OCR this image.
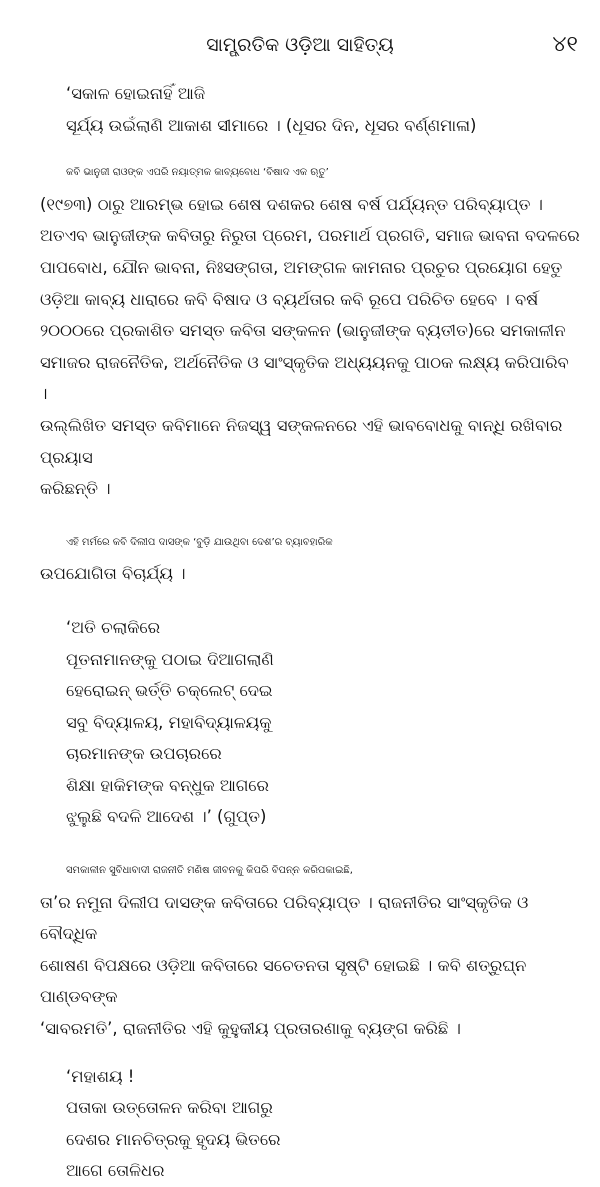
ସାମ୍ପ୍ରତିକ ଓଡ଼ିଆ ସାହିତ୍ୟ	୪୧
‘ସକାଳ ହୋଇନାହିଁ ଆଜି
ସୂର୍ଯ୍ୟ ଉଇଁଲାଣି ଆକାଶ ସୀମାରେ । (ଧୂସର ଦିନ, ଧୂସର ବର୍ଣ୍ଣମାଳା)
କବି ଭାନୁଜୀ ରାଓଙ୍କ ଏପରି ନୟାତ୍ମକ କାବ୍ୟବୋଧ ‘ବିଷାଦ ଏକ ଋତୁ’
(୧୯୭୩) ଠାରୁ ଆରମ୍ଭ ହୋଇ ଶେଷ ଦଶକର ଶେଷ ବର୍ଷ ପର୍ଯ୍ୟନ୍ତ ପରିବ୍ୟାପ୍ତ ।
ଅତଏବ ଭାନୁଜୀଙ୍କ କବିତାରୁ ନିରୁତା ପ୍ରେମ, ପରମାର୍ଥ ପ୍ରଗତି, ସମାଜ ଭାବନା ବଦଳରେ
ପାପବୋଧ, ଯୌନ ଭାବନା, ନିଃସଙ୍ଗତା, ଅମଙ୍ଗଳ କାମନାର ପ୍ରଚୁର ପ୍ରୟୋଗ ହେତୁ
ଓଡ଼ିଆ କାବ୍ୟ ଧାରାରେ କବି ବିଷାଦ ଓ ବ୍ୟର୍ଥତାର କବି ରୂପେ ପରିଚିତ ହେବେ । ବର୍ଷ
୨୦୦୦ରେ ପ୍ରକାଶିତ ସମସ୍ତ କବିତା ସଙ୍କଳନ (ଭାନୁଜୀଙ୍କ ବ୍ୟତୀତ)ରେ ସମକାଳୀନ
ସମାଜର ରାଜନୈତିକ, ଅର୍ଥନୈତିକ ଓ ସାଂସ୍କୃତିକ ଅଧ୍ୟୟନକୁ ପାଠକ ଲକ୍ଷ୍ୟ କରିପାରିବ ।
ଉଲ୍ଲିଖିତ ସମସ୍ତ କବିମାନେ ନିଜସ୍ୱ ସଙ୍କଳନରେ ଏହି ଭାବବୋଧକୁ ବାନ୍ଧି ରଖିବାର ପ୍ରୟାସ
କରିଛନ୍ତି ।
ଏହି ମର୍ମରେ କବି ଦିଲୀପ ଦାସଙ୍କ ‘ବୁଡ଼ି ଯାଉଥିବା ଦେଶ’ର ବ୍ୟାବହାରିକ
ଉପଯୋଗିତା ବିଚାର୍ଯ୍ୟ ।
‘ଅତି ଚଲାକିରେ
ପୂତନାମାନଙ୍କୁ ପଠାଇ ଦିଆଗଲାଣି
ହେରୋଇନ୍ ଭର୍ତ୍ତି ଚକ୍‌ଲେଟ୍ ଦେଇ
ସବୁ ବିଦ୍ୟାଳୟ, ମହାବିଦ୍ୟାଳୟକୁ
ଚାରମାନଙ୍କ ଉପଚାରରେ
ଶିକ୍ଷା ହାକିମଙ୍କ ବନ୍ଧୁକ ଆଗରେ
ଝୁଲୁଛି ବଦଳି ଆଦେଶ ।’ (ଗୁପ୍ତ)
ସମକାଳୀନ ସୁବିଧାବାଦୀ ରାଜନୀତି ମଣିଷ ଜୀବନକୁ କିପରି ବିପନ୍ନ କରିପକାଇଛି,
ତା’ର ନମୁନା ଦିଲୀପ ଦାସଙ୍କ କବିତାରେ ପରିବ୍ୟାପ୍ତ । ରାଜନୀତିର ସାଂସ୍କୃତିକ ଓ ବୌଦ୍ଧିକ
ଶୋଷଣ ବିପକ୍ଷରେ ଓଡ଼ିଆ କବିତାରେ ସଚେତନତା ସୃଷ୍ଟି ହୋଇଛି । କବି ଶତ୍ରୁଘ୍ନ ପାଣ୍ଡବଙ୍କ
‘ସାବରମତି’, ରାଜନୀତିର ଏହି କୁହୁକୀୟ ପ୍ରତାରଣାକୁ ବ୍ୟଙ୍ଗ କରିଛି ।
‘ମହାଶୟ !
ପତାକା ଉତ୍ତୋଳନ କରିବା ଆଗରୁ
ଦେଶର ମାନଚିତ୍ରକୁ ହୃଦୟ ଭିତରେ
ଆଗେ ତୋଳିଧର
